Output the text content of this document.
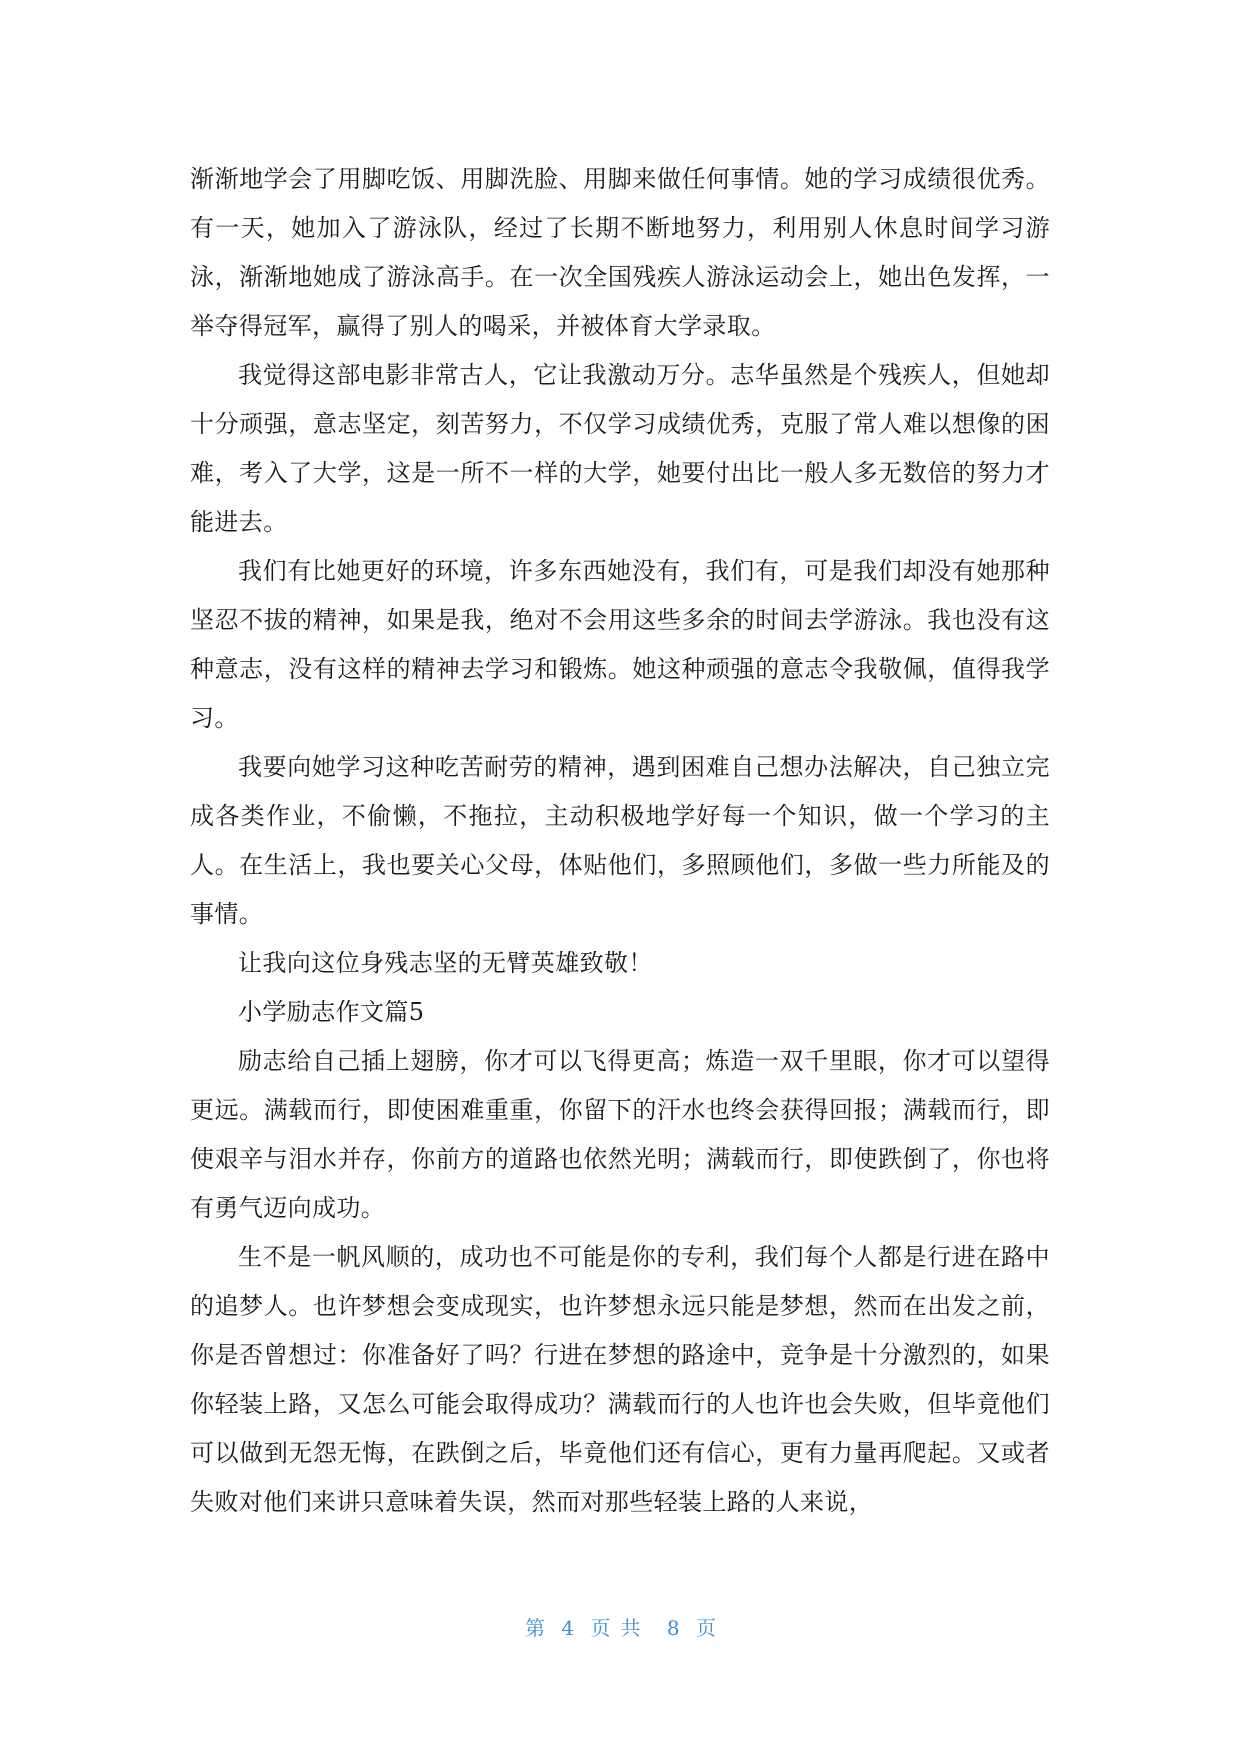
渐渐地学会了用脚吃饭、用脚洗脸、用脚来做任何事情。她的学习成绩很优秀。有一天，她加入了游泳队，经过了长期不断地努力，利用别人休息时间学习游泳，渐渐地她成了游泳高手。在一次全国残疾人游泳运动会上，她出色发挥，一举夺得冠军，赢得了别人的喝采，并被体育大学录取。

我觉得这部电影非常古人，它让我激动万分。志华虽然是个残疾人，但她却十分顽强，意志坚定，刻苦努力，不仅学习成绩优秀，克服了常人难以想像的困难，考入了大学，这是一所不一样的大学，她要付出比一般人多无数倍的努力才能进去。

我们有比她更好的环境，许多东西她没有，我们有，可是我们却没有她那种坚忍不拔的精神，如果是我，绝对不会用这些多余的时间去学游泳。我也没有这种意志，没有这样的精神去学习和锻炼。她这种顽强的意志令我敬佩，值得我学习。

我要向她学习这种吃苦耐劳的精神，遇到困难自己想办法解决，自己独立完成各类作业，不偷懒，不拖拉，主动积极地学好每一个知识，做一个学习的主人。在生活上，我也要关心父母，体贴他们，多照顾他们，多做一些力所能及的事情。

让我向这位身残志坚的无臂英雄致敬！

小学励志作文篇5

励志给自己插上翅膀，你才可以飞得更高；炼造一双千里眼，你才可以望得更远。满载而行，即使困难重重，你留下的汗水也终会获得回报；满载而行，即使艰辛与泪水并存，你前方的道路也依然光明；满载而行，即使跌倒了，你也将有勇气迈向成功。

生不是一帆风顺的，成功也不可能是你的专利，我们每个人都是行进在路中的追梦人。也许梦想会变成现实，也许梦想永远只能是梦想，然而在出发之前，你是否曾想过：你准备好了吗？行进在梦想的路途中，竞争是十分激烈的，如果你轻装上路，又怎么可能会取得成功？满载而行的人也许也会失败，但毕竟他们可以做到无怨无悔，在跌倒之后，毕竟他们还有信心，更有力量再爬起。又或者失败对他们来讲只意味着失误，然而对那些轻装上路的人来说，

第 4 页共 8 页
